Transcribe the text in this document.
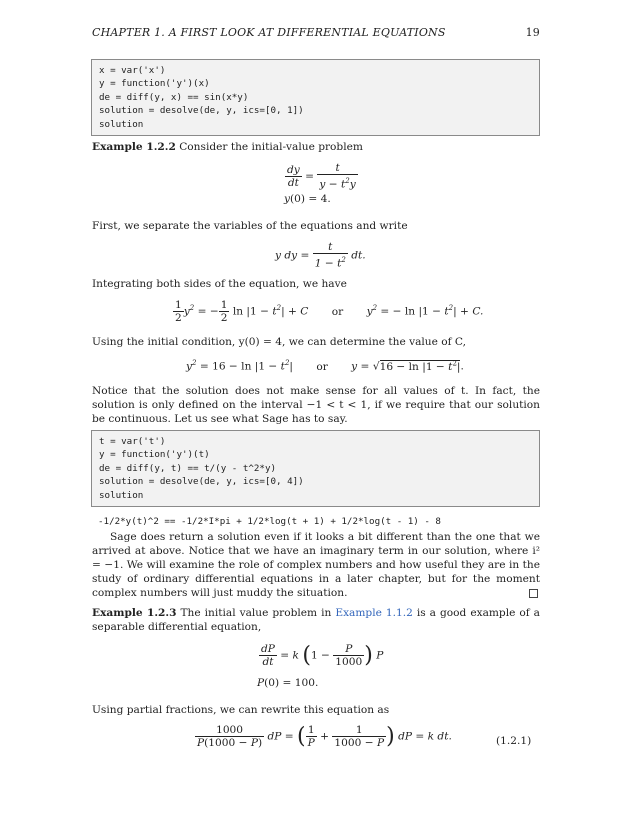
CHAPTER 1. A FIRST LOOK AT DIFFERENTIAL EQUATIONS	19
x = var('x')
y = function('y')(x)
de = diff(y, x) == sin(x*y)
solution = desolve(de, y, ics=[0, 1])
solution
Example 1.2.2 Consider the initial-value problem
$\frac{dy}{dt} = \frac{t}{y - t^2y}$
y(0) = 4.
First, we separate the variables of the equations and write
y dy = $\frac{t}{1 - t^2}$ dt.
Integrating both sides of the equation, we have
$\frac{1}{2} y^2$ = − $\frac{1}{2}$ $\ln |1 - t^2| + C$ or $y^2$ = − $\ln |1 - t^2| + C$.
Using the initial condition, y(0) = 4, we can determine the value of C,
$y^2 = 16 - \ln |1 - t^2|$ or $y = √16 - \ln |1 - t^2|$.
Notice that the solution does not make sense for all values of t. In fact, the solution is only defined on the interval −1 < t < 1, if we require that our solution be continuous. Let us see what Sage has to say.
t = var('t')
y = function('y')(t)
de = diff(y, t) == t/(y - t^2*y)
solution = desolve(de, y, ics=[0, 4])
solution
-1/2*y(t)^2 == -1/2*I*pi + 1/2*log(t + 1) + 1/2*log(t - 1) - 8
Sage does return a solution even if it looks a bit different than the one that we arrived at above. Notice that we have an imaginary term in our solution, where i² = −1. We will examine the role of complex numbers and how useful they are in the study of ordinary differential equations in a later chapter, but for the moment complex numbers will just muddy the situation.
Example 1.2.3 The initial value problem in Example 1.1.2 is a good example of a separable differential equation,
$\frac{dP}{dt} = k$ ($1 - \frac{P}{1000}$ ) P
P(0) = 100.
Using partial fractions, we can rewrite this equation as
$\frac{1000}{P(1000 - P)}$ dP = ( $\frac{1}{P} + \frac{1}{1000 - P}$ ) dP = k dt.	(1.2.1)
